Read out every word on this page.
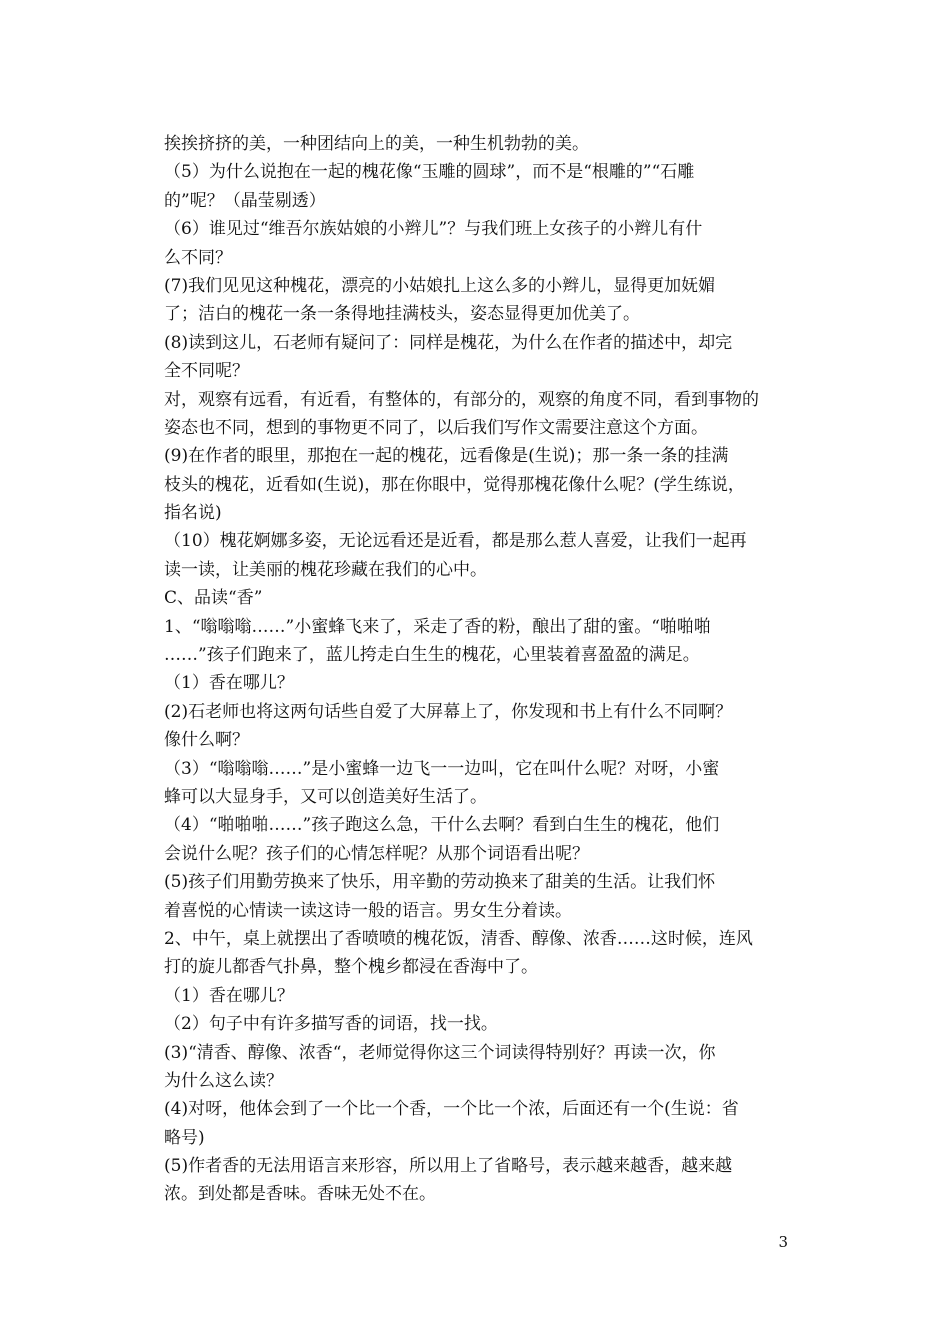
挨挨挤挤的美，一种团结向上的美，一种生机勃勃的美。
（5）为什么说抱在一起的槐花像“玉雕的圆球”，而不是“根雕的”“石雕
的”呢？（晶莹剔透）
（6）谁见过“维吾尔族姑娘的小辫儿”？与我们班上女孩子的小辫儿有什
么不同？
(7)我们见见这种槐花，漂亮的小姑娘扎上这么多的小辫儿，显得更加妩媚
了；洁白的槐花一条一条得地挂满枝头，姿态显得更加优美了。
(8)读到这儿，石老师有疑问了：同样是槐花，为什么在作者的描述中，却完
全不同呢？
对，观察有远看，有近看，有整体的，有部分的，观察的角度不同，看到事物的
姿态也不同，想到的事物更不同了，以后我们写作文需要注意这个方面。
(9)在作者的眼里，那抱在一起的槐花，远看像是(生说)；那一条一条的挂满
枝头的槐花，近看如(生说)，那在你眼中，觉得那槐花像什么呢？(学生练说，
指名说)
（10）槐花婀娜多姿，无论远看还是近看，都是那么惹人喜爱，让我们一起再
读一读，让美丽的槐花珍藏在我们的心中。
C、品读“香”
1、“嗡嗡嗡……”小蜜蜂飞来了，采走了香的粉，酿出了甜的蜜。“啪啪啪
……”孩子们跑来了，蓝儿挎走白生生的槐花，心里装着喜盈盈的满足。
（1）香在哪儿？
(2)石老师也将这两句话些自爱了大屏幕上了，你发现和书上有什么不同啊？
像什么啊？
（3）“嗡嗡嗡……”是小蜜蜂一边飞一一边叫，它在叫什么呢？对呀，小蜜
蜂可以大显身手，又可以创造美好生活了。
（4）“啪啪啪……”孩子跑这么急，干什么去啊？看到白生生的槐花，他们
会说什么呢？孩子们的心情怎样呢？从那个词语看出呢？
(5)孩子们用勤劳换来了快乐，用辛勤的劳动换来了甜美的生活。让我们怀
着喜悦的心情读一读这诗一般的语言。男女生分着读。
2、中午，桌上就摆出了香喷喷的槐花饭，清香、醇像、浓香……这时候，连风
打的旋儿都香气扑鼻，整个槐乡都浸在香海中了。
（1）香在哪儿？
（2）句子中有许多描写香的词语，找一找。
(3)“清香、醇像、浓香“，老师觉得你这三个词读得特别好？再读一次，你
为什么这么读？
(4)对呀，他体会到了一个比一个香，一个比一个浓，后面还有一个(生说：省
略号)
(5)作者香的无法用语言来形容，所以用上了省略号，表示越来越香，越来越
浓。到处都是香味。香味无处不在。
3
